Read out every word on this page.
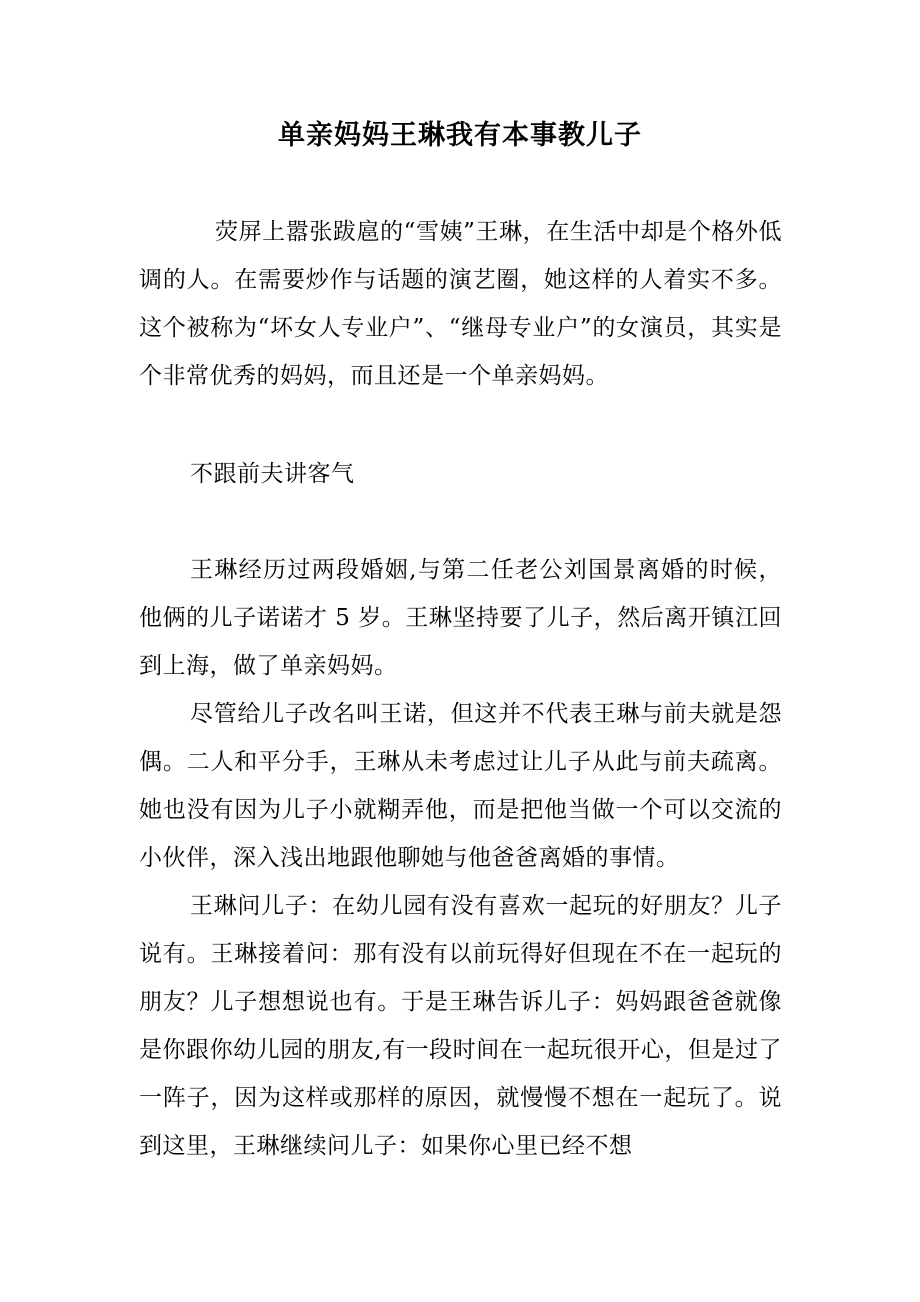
单亲妈妈王琳我有本事教儿子

荧屏上嚣张跋扈的“雪姨”王琳，在生活中却是个格外低调的人。在需要炒作与话题的演艺圈，她这样的人着实不多。这个被称为“坏女人专业户”、“继母专业户”的女演员，其实是个非常优秀的妈妈，而且还是一个单亲妈妈。

不跟前夫讲客气

王琳经历过两段婚姻,与第二任老公刘国景离婚的时候，他俩的儿子诺诺才 5 岁。王琳坚持要了儿子，然后离开镇江回到上海，做了单亲妈妈。

尽管给儿子改名叫王诺，但这并不代表王琳与前夫就是怨偶。二人和平分手，王琳从未考虑过让儿子从此与前夫疏离。她也没有因为儿子小就糊弄他，而是把他当做一个可以交流的小伙伴，深入浅出地跟他聊她与他爸爸离婚的事情。

王琳问儿子：在幼儿园有没有喜欢一起玩的好朋友？儿子说有。王琳接着问：那有没有以前玩得好但现在不在一起玩的朋友？儿子想想说也有。于是王琳告诉儿子：妈妈跟爸爸就像是你跟你幼儿园的朋友,有一段时间在一起玩很开心，但是过了一阵子，因为这样或那样的原因，就慢慢不想在一起玩了。说到这里，王琳继续问儿子：如果你心里已经不想
